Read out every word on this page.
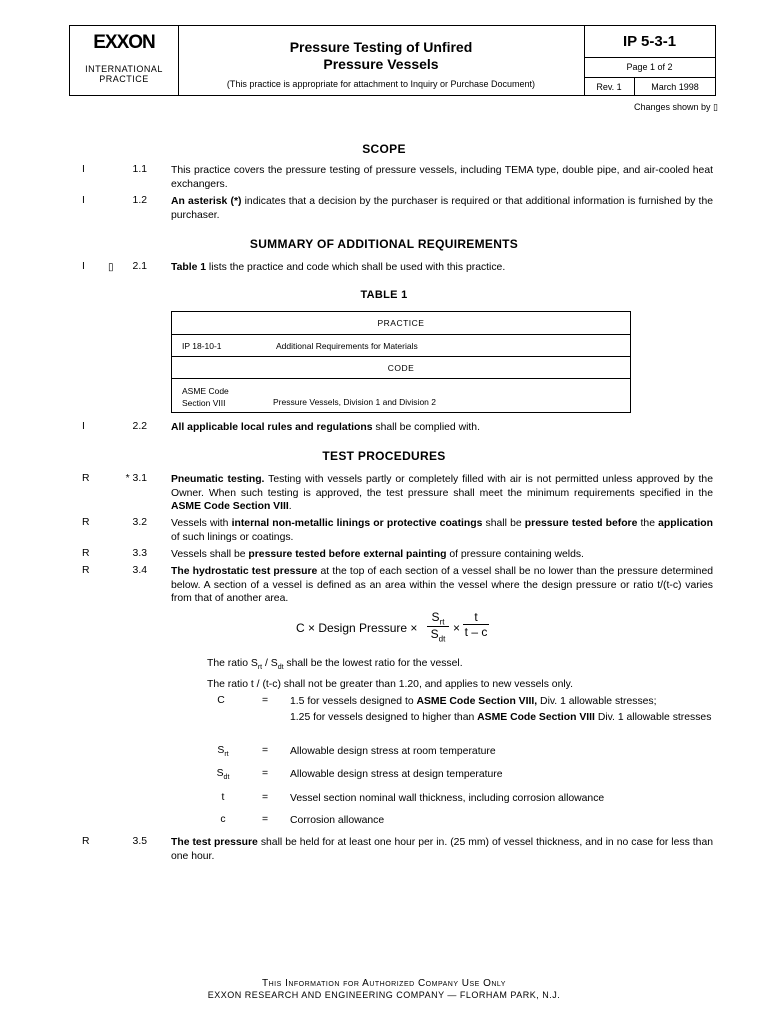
EXXON
INTERNATIONAL
PRACTICE
Pressure Testing of Unfired
Pressure Vessels
(This practice is appropriate for attachment to Inquiry or Purchase Document)
IP 5-3-1
Page 1 of 2
Rev. 1	March 1998
Changes shown by ▯
SCOPE
I	1.1 This practice covers the pressure testing of pressure vessels, including TEMA type, double pipe, and air-cooled heat exchangers.
I	1.2 An asterisk (*) indicates that a decision by the purchaser is required or that additional information is furnished by the purchaser.
SUMMARY OF ADDITIONAL REQUIREMENTS
I ▯	2.1 Table 1 lists the practice and code which shall be used with this practice.
TABLE 1
PRACTICE
IP 18-10-1	Additional Requirements for Materials
CODE
ASME Code
Section VIII	Pressure Vessels, Division 1 and Division 2
I	2.2 All applicable local rules and regulations shall be complied with.
TEST PROCEDURES
R	* 3.1 Pneumatic testing. Testing with vessels partly or completely filled with air is not permitted unless approved by the Owner. When such testing is approved, the test pressure shall meet the minimum requirements specified in the ASME Code Section VIII.
R	3.2 Vessels with internal non-metallic linings or protective coatings shall be pressure tested before the application of such linings or coatings.
R	3.3 Vessels shall be pressure tested before external painting of pressure containing welds.
R	3.4 The hydrostatic test pressure at the top of each section of a vessel shall be no lower than the pressure determined below. A section of a vessel is defined as an area within the vessel where the design pressure or ratio t/(t-c) varies from that of another area.
C × Design Pressure ×
$S_{rt}$
$S_{dt}$
× $\frac{t}{t - c}$
The ratio $S_{rt} / S_{dt}$ shall be the lowest ratio for the vessel.
The ratio t / (t-c) shall not be greater than 1.20, and applies to new vessels only.
C	= 1.5 for vessels designed to ASME Code Section VIII, Div. 1 allowable stresses;
1.25 for vessels designed to higher than ASME Code Section VIII Div. 1 allowable stresses
$S_{rt}$	= Allowable design stress at room temperature
$S_{dt}$	= Allowable design stress at design temperature
t	= Vessel section nominal wall thickness, including corrosion allowance
c	= Corrosion allowance
R	3.5 The test pressure shall be held for at least one hour per in. (25 mm) of vessel thickness, and in no case for less than one hour.
This Information for Authorized Company Use Only
EXXON RESEARCH AND ENGINEERING COMPANY — FLORHAM PARK, N.J.
